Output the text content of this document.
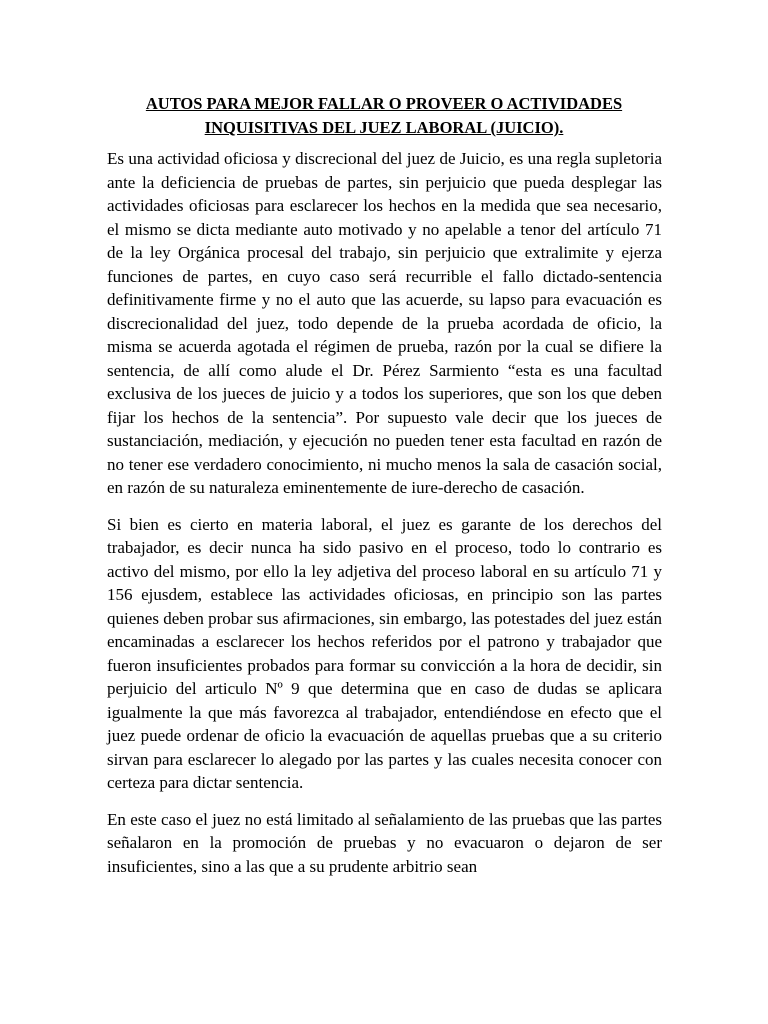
AUTOS PARA MEJOR FALLAR O PROVEER O ACTIVIDADES
INQUISITIVAS DEL JUEZ LABORAL (JUICIO).

Es una actividad oficiosa y discrecional del juez de Juicio, es una regla supletoria ante la deficiencia de pruebas de partes, sin perjuicio que pueda desplegar las actividades oficiosas para esclarecer los hechos en la medida que sea necesario, el mismo se dicta mediante auto motivado y no apelable a tenor del artículo 71 de la ley Orgánica procesal del trabajo, sin perjuicio que extralimite y ejerza funciones de partes, en cuyo caso será recurrible el fallo dictado-sentencia definitivamente firme y no el auto que las acuerde, su lapso para evacuación es discrecionalidad del juez, todo depende de la prueba acordada de oficio, la misma se acuerda agotada el régimen de prueba, razón por la cual se difiere la sentencia, de allí como alude el Dr. Pérez Sarmiento “esta es una facultad exclusiva de los jueces de juicio y a todos los superiores, que son los que deben fijar los hechos de la sentencia”. Por supuesto vale decir que los jueces de sustanciación, mediación, y ejecución no pueden tener esta facultad en razón de no tener ese verdadero conocimiento, ni mucho menos la sala de casación social, en razón de su naturaleza eminentemente de iure-derecho de casación.

Si bien es cierto en materia laboral, el juez es garante de los derechos del trabajador, es decir nunca ha sido pasivo en el proceso, todo lo contrario es activo del mismo, por ello la ley adjetiva del proceso laboral en su artículo 71 y 156 ejusdem, establece las actividades oficiosas, en principio son las partes quienes deben probar sus afirmaciones, sin embargo, las potestades del juez están encaminadas a esclarecer los hechos referidos por el patrono y trabajador que fueron insuficientes probados para formar su convicción a la hora de decidir, sin perjuicio del articulo Nº 9 que determina que en caso de dudas se aplicara igualmente la que más favorezca al trabajador, entendiéndose en efecto que el juez puede ordenar de oficio la evacuación de aquellas pruebas que a su criterio sirvan para esclarecer lo alegado por las partes y las cuales necesita conocer con certeza para dictar sentencia.

En este caso el juez no está limitado al señalamiento de las pruebas que las partes señalaron en la promoción de pruebas y no evacuaron o dejaron de ser insuficientes, sino a las que a su prudente arbitrio sean
